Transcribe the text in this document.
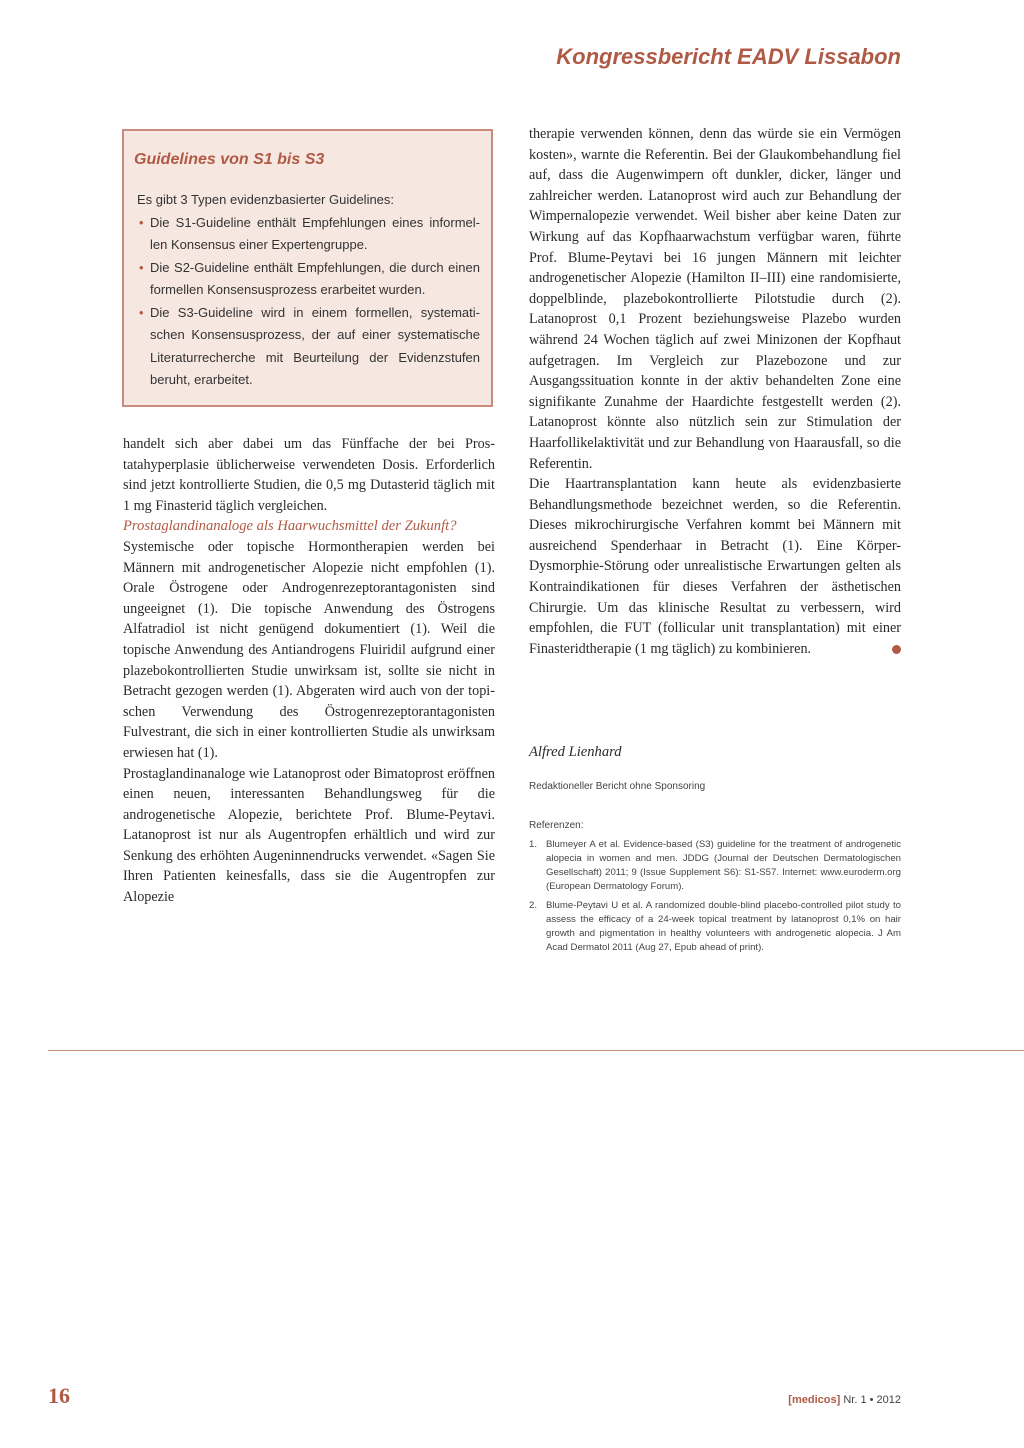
Kongressbericht EADV Lissabon
Guidelines von S1 bis S3

Es gibt 3 Typen evidenzbasierter Guidelines:

• Die S1-Guideline enthält Empfehlungen eines informellen Konsensus einer Expertengruppe.
• Die S2-Guideline enthält Empfehlungen, die durch einen formellen Konsensusprozess erarbeitet wurden.
• Die S3-Guideline wird in einem formellen, systematischen Konsensusprozess, der auf einer systematische Literaturrecherche mit Beurteilung der Evidenzstufen beruht, erarbeitet.

handelt sich aber dabei um das Fünffache der bei Prostatahyperplasie üblicherweise verwendeten Dosis. Erforderlich sind jetzt kontrollierte Studien, die 0,5 mg Dutasterid täglich mit 1 mg Finasterid täglich vergleichen.

Prostaglandinanaloge als Haarwuchsmittel der Zukunft?

Systemische oder topische Hormontherapien werden bei Männern mit androgenetischer Alopezie nicht empfohlen (1). Orale Östrogene oder Androgenrezeptorantagonisten sind ungeeignet (1). Die topische Anwendung des Östrogens Alfatradiol ist nicht genügend dokumentiert (1). Weil die topische Anwendung des Antiandrogens Fluiridil aufgrund einer plazebokontrollierten Studie unwirksam ist, sollte sie nicht in Betracht gezogen werden (1). Abgeraten wird auch von der topischen Verwendung des Östrogenrezeptorantagonisten Fulvestrant, die sich in einer kontrollierten Studie als unwirksam erwiesen hat (1).

Prostaglandinanaloge wie Latanoprost oder Bimatoprost eröffnen einen neuen, interessanten Behandlungsweg für die androgenetische Alopezie, berichtete Prof. Blume-Peytavi. Latanoprost ist nur als Augentropfen erhältlich und wird zur Senkung des erhöhten Augeninnendrucks verwendet. «Sagen Sie Ihren Patienten keinesfalls, dass sie die Augentropfen zur Alopezie

therapie verwenden können, denn das würde sie ein Vermögen kosten», warnte die Referentin. Bei der Glaukombehandlung fiel auf, dass die Augenwimpern oft dunkler, dicker, länger und zahlreicher werden. Latanoprost wird auch zur Behandlung der Wimpernalopezie verwendet. Weil bisher aber keine Daten zur Wirkung auf das Kopfhaarwachstum verfügbar waren, führte Prof. Blume-Peytavi bei 16 jungen Männern mit leichter androgenetischer Alopezie (Hamilton II–III) eine randomisierte, doppelblinde, plazebokontrollierte Pilotstudie durch (2). Latanoprost 0,1 Prozent beziehungsweise Plazebo wurden während 24 Wochen täglich auf zwei Minizonen der Kopfhaut aufgetragen. Im Vergleich zur Plazebozone und zur Ausgangssituation konnte in der aktiv behandelten Zone eine signifikante Zunahme der Haardichte festgestellt werden (2). Latanoprost könnte also nützlich sein zur Stimulation der Haarfollikelaktivität und zur Behandlung von Haarausfall, so die Referentin.

Die Haartransplantation kann heute als evidenzbasierte Behandlungsmethode bezeichnet werden, so die Referentin. Dieses mikrochirurgische Verfahren kommt bei Männern mit ausreichend Spenderhaar in Betracht (1). Eine Körper-Dysmorphie-Störung oder unrealistische Erwartungen gelten als Kontraindikationen für dieses Verfahren der ästhetischen Chirurgie. Um das klinische Resultat zu verbessern, wird empfohlen, die FUT (follicular unit transplantation) mit einer Finasteridtherapie (1 mg täglich) zu kombinieren.

Alfred Lienhard
Redaktioneller Bericht ohne Sponsoring
Referenzen:
1. Blumeyer A et al. Evidence-based (S3) guideline for the treatment of androgenetic alopecia in women and men. JDDG (Journal der Deutschen Dermatologischen Gesellschaft) 2011; 9 (Issue Supplement S6): S1-S57. Internet: www.euroderm.org (European Dermatology Forum).
2. Blume-Peytavi U et al. A randomized double-blind placebo-controlled pilot study to assess the efficacy of a 24-week topical treatment by latanoprost 0,1% on hair growth and pigmentation in healthy volunteers with androgenetic alopecia. J Am Acad Dermatol 2011 (Aug 27, Epub ahead of print).
16	[medicos] Nr. 1 • 2012
